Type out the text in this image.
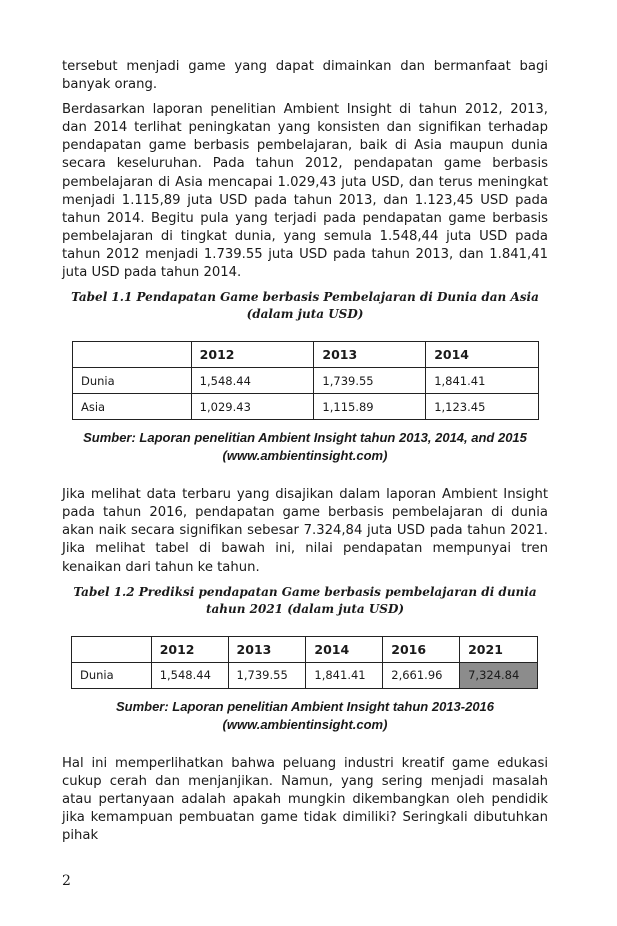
tersebut menjadi game yang dapat dimainkan dan bermanfaat bagi banyak orang.

Berdasarkan laporan penelitian Ambient Insight di tahun 2012, 2013, dan 2014 terlihat peningkatan yang konsisten dan signifikan terhadap pendapatan game berbasis pembelajaran, baik di Asia maupun dunia secara keseluruhan. Pada tahun 2012, pendapatan game berbasis pembelajaran di Asia mencapai 1.029,43 juta USD, dan terus meningkat menjadi 1.115,89 juta USD pada tahun 2013, dan 1.123,45 USD pada tahun 2014. Begitu pula yang terjadi pada pendapatan game berbasis pembelajaran di tingkat dunia, yang semula 1.548,44 juta USD pada tahun 2012 menjadi 1.739.55 juta USD pada tahun 2013, dan 1.841,41 juta USD pada tahun 2014.

Tabel 1.1 Pendapatan Game berbasis Pembelajaran di Dunia dan Asia
(dalam juta USD)
	2012	2013	2014
Dunia	1,548.44	1,739.55	1,841.41
Asia	1,029.43	1,115.89	1,123.45
Sumber: Laporan penelitian Ambient Insight tahun 2013, 2014, and 2015
(www.ambientinsight.com)

Jika melihat data terbaru yang disajikan dalam laporan Ambient Insight pada tahun 2016, pendapatan game berbasis pembelajaran di dunia akan naik secara signifikan sebesar 7.324,84 juta USD pada tahun 2021. Jika melihat tabel di bawah ini, nilai pendapatan mempunyai tren kenaikan dari tahun ke tahun.

Tabel 1.2 Prediksi pendapatan Game berbasis pembelajaran di dunia
tahun 2021 (dalam juta USD)
	2012	2013	2014	2016	2021
Dunia	1,548.44	1,739.55	1,841.41	2,661.96	7,324.84
Sumber: Laporan penelitian Ambient Insight tahun 2013-2016
(www.ambientinsight.com)

Hal ini memperlihatkan bahwa peluang industri kreatif game edukasi cukup cerah dan menjanjikan. Namun, yang sering menjadi masalah atau pertanyaan adalah apakah mungkin dikembangkan oleh pendidik jika kemampuan pembuatan game tidak dimiliki? Seringkali dibutuhkan pihak

2
